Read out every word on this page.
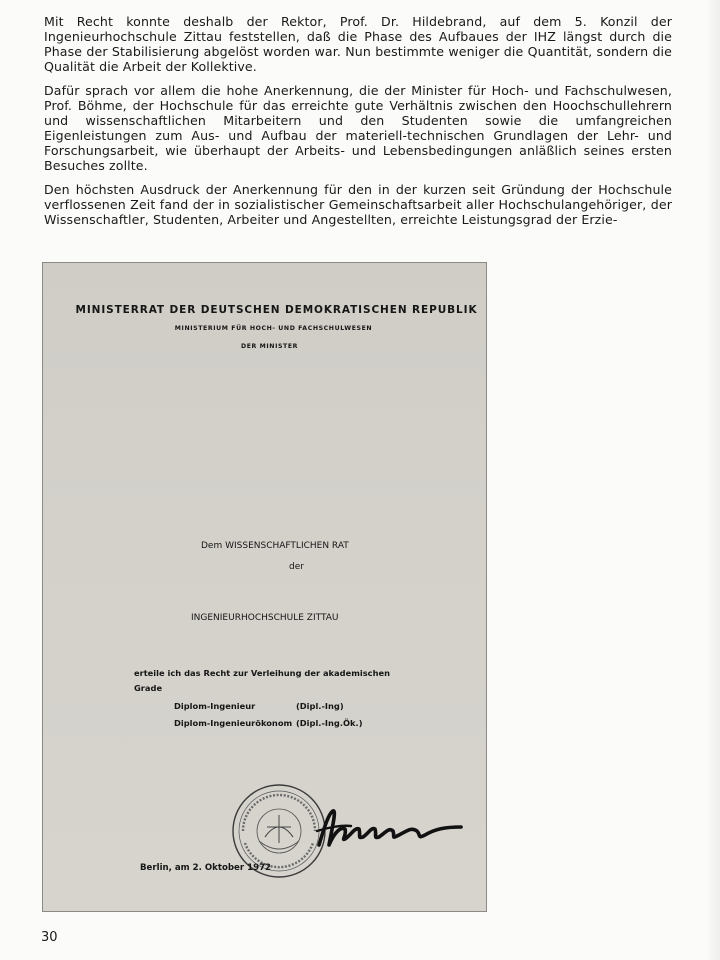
Mit Recht konnte deshalb der Rektor, Prof. Dr. Hildebrand, auf dem 5. Konzil der Ingenieurhochschule Zittau feststellen, daß die Phase des Aufbaues der IHZ längst durch die Phase der Stabilisierung abgelöst worden war. Nun bestimmte weniger die Quantität, sondern die Qualität die Arbeit der Kollektive.

Dafür sprach vor allem die hohe Anerkennung, die der Minister für Hoch- und Fachschulwesen, Prof. Böhme, der Hochschule für das erreichte gute Verhältnis zwischen den Hoochschullehrern und wissenschaftlichen Mitarbeitern und den Studenten sowie die umfangreichen Eigenleistungen zum Aus- und Aufbau der materiell-technischen Grundlagen der Lehr- und Forschungsarbeit, wie überhaupt der Arbeits- und Lebensbedingungen anläßlich seines ersten Besuches zollte.

Den höchsten Ausdruck der Anerkennung für den in der kurzen seit Gründung der Hochschule verflossenen Zeit fand der in sozialistischer Gemeinschaftsarbeit aller Hochschulangehöriger, der Wissenschaftler, Studenten, Arbeiter und Angestellten, erreichte Leistungsgrad der Erzie-

MINISTERRAT DER DEUTSCHEN DEMOKRATISCHEN REPUBLIK
MINISTERIUM FÜR HOCH- UND FACHSCHULWESEN
DER MINISTER
Dem WISSENSCHAFTLICHEN RAT
der
INGENIEURHOCHSCHULE ZITTAU
erteile ich das Recht zur Verleihung der akademischen
Grade
Diplom-Ingenieur	(Dipl.-Ing)
Diplom-Ingenieurökonom (Dipl.-Ing.Ök.)
Berlin, am 2. Oktober 1972
30
